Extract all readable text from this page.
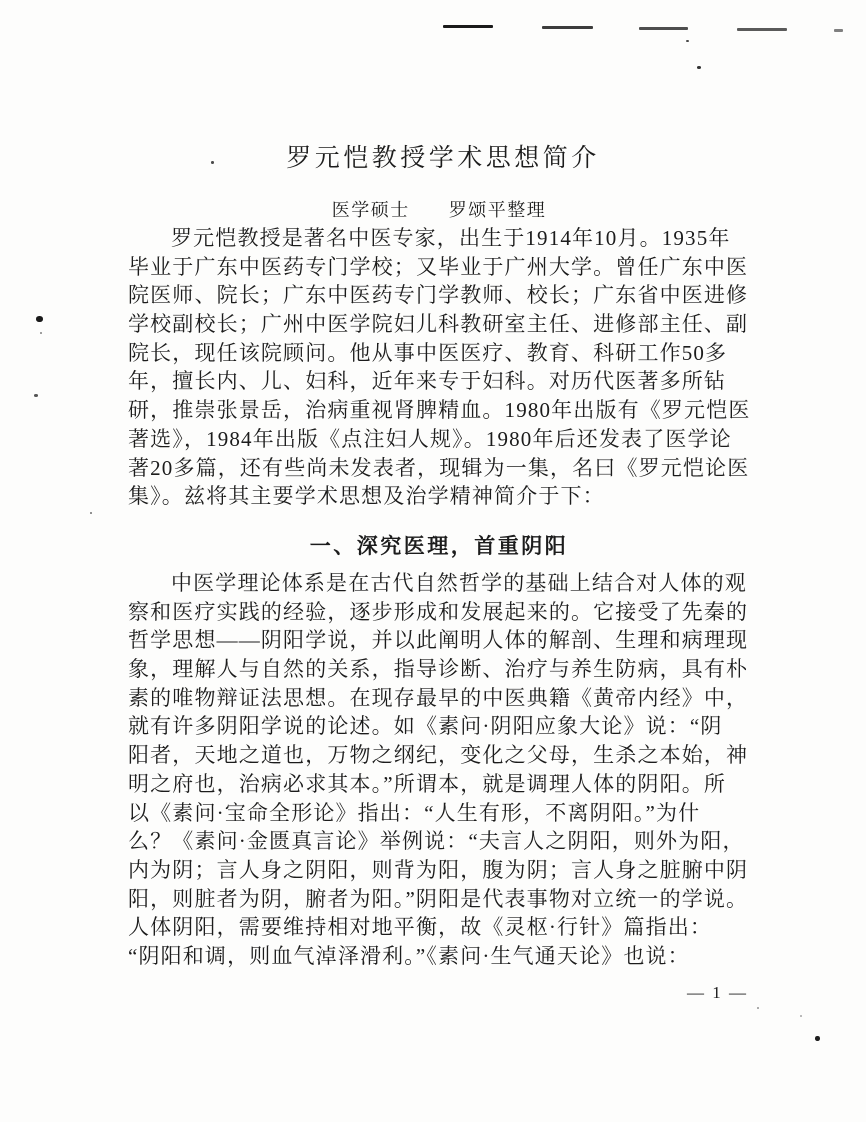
罗元恺教授学术思想简介
医学硕士　　罗颂平整理
罗元恺教授是著名中医专家，出生于1914年10月。1935年
毕业于广东中医药专门学校；又毕业于广州大学。曾任广东中医
院医师、院长；广东中医药专门学教师、校长；广东省中医进修
学校副校长；广州中医学院妇儿科教研室主任、进修部主任、副
院长，现任该院顾问。他从事中医医疗、教育、科研工作50多
年，擅长内、儿、妇科，近年来专于妇科。对历代医著多所钻
研，推崇张景岳，治病重视肾脾精血。1980年出版有《罗元恺医
著选》，1984年出版《点注妇人规》。1980年后还发表了医学论
著20多篇，还有些尚未发表者，现辑为一集，名曰《罗元恺论医
集》。兹将其主要学术思想及治学精神简介于下：
一、深究医理，首重阴阳
中医学理论体系是在古代自然哲学的基础上结合对人体的观
察和医疗实践的经验，逐步形成和发展起来的。它接受了先秦的
哲学思想——阴阳学说，并以此阐明人体的解剖、生理和病理现
象，理解人与自然的关系，指导诊断、治疗与养生防病，具有朴
素的唯物辩证法思想。在现存最早的中医典籍《黄帝内经》中，
就有许多阴阳学说的论述。如《素问·阴阳应象大论》说：“阴
阳者，天地之道也，万物之纲纪，变化之父母，生杀之本始，神
明之府也，治病必求其本。”所谓本，就是调理人体的阴阳。所
以《素问·宝命全形论》指出：“人生有形，不离阴阳。”为什
么？《素问·金匮真言论》举例说：“夫言人之阴阳，则外为阳，
内为阴；言人身之阴阳，则背为阳，腹为阴；言人身之脏腑中阴
阳，则脏者为阴，腑者为阳。”阴阳是代表事物对立统一的学说。
人体阴阳，需要维持相对地平衡，故《灵枢·行针》篇指出：
“阴阳和调，则血气淖泽滑利。”《素问·生气通天论》也说：
— 1 —
